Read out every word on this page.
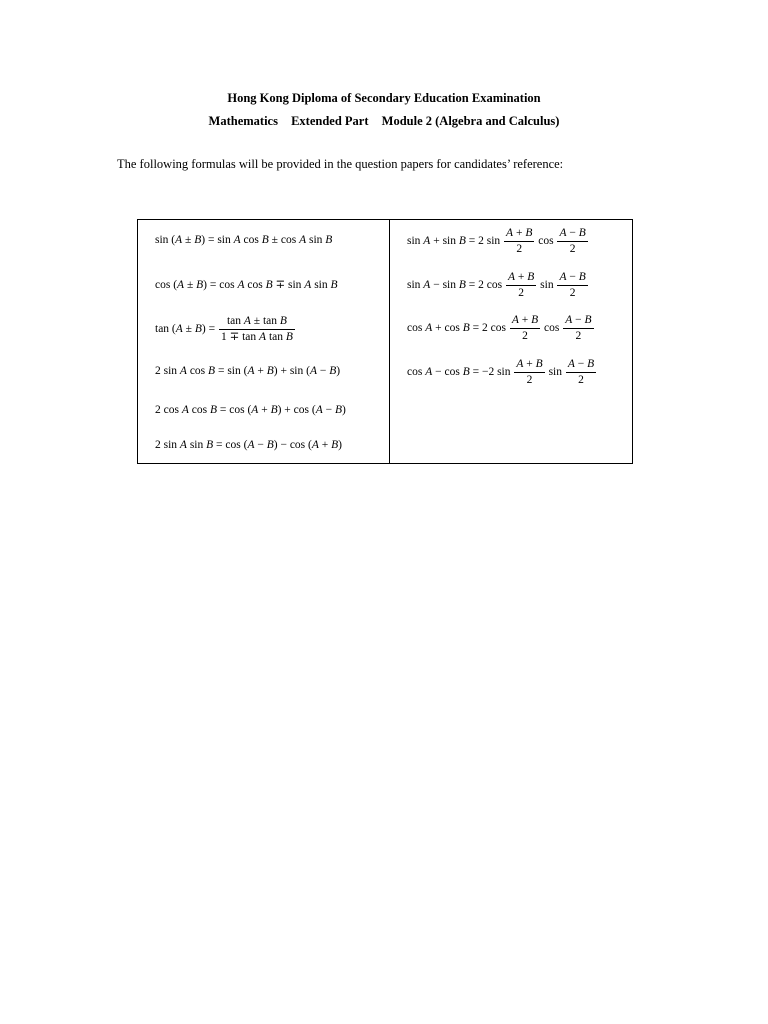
Hong Kong Diploma of Secondary Education Examination
Mathematics Extended Part Module 2 (Algebra and Calculus)
The following formulas will be provided in the question papers for candidates’ reference:
sin (A ± B) = sin A cos B ± cos A sin B
cos (A ± B) = cos A cos B ∓ sin A sin B
$\tan (A \pm B) = \frac{\text{tan A ± tan B}}{\text{1 ∓ tan A tan B}}$
2 sin A cos B = sin (A + B) + sin (A − B)
2 cos A cos B = cos (A + B) + cos (A − B)
2 sin A sin B = cos (A − B) − cos (A + B)
sin A + sin B = 2 $\sin \frac{A + B}{2}$ $\cos \frac{A - B}{2}$
sin A − sin B = 2 $\cos \frac{A + B}{2}$ $\sin \frac{A - B}{2}$
cos A + cos B = 2 $\cos \frac{A + B}{2}$ $\cos \frac{A - B}{2}$
cos A − cos B = −2 $\sin \frac{A + B}{2}$ $\sin \frac{A - B}{2}$
